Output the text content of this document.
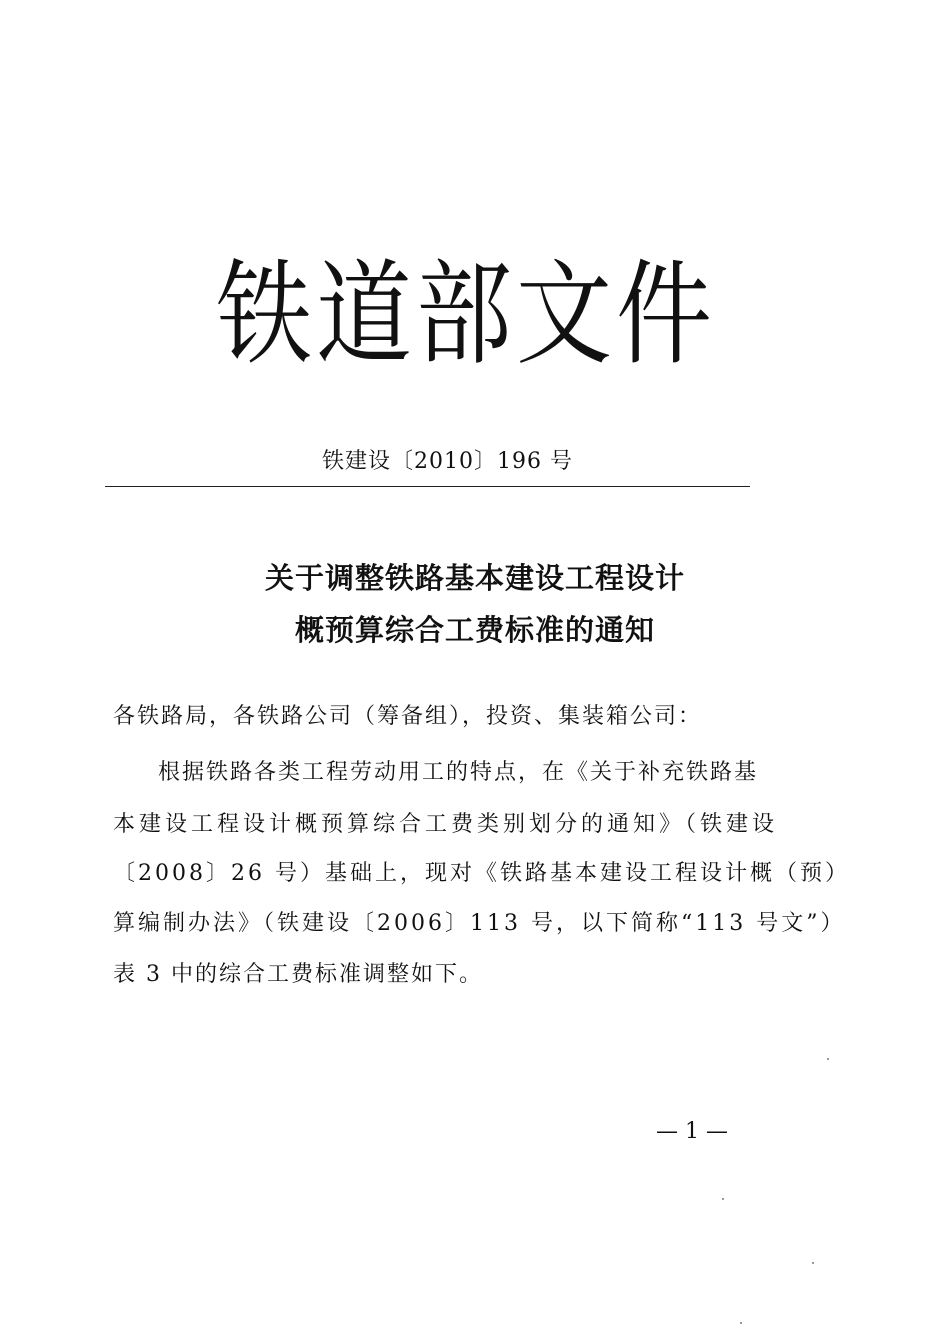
铁道部文件
铁建设〔2010〕196 号
关于调整铁路基本建设工程设计
概预算综合工费标准的通知
各铁路局，各铁路公司（筹备组），投资、集装箱公司：
根据铁路各类工程劳动用工的特点，在《关于补充铁路基
本建设工程设计概预算综合工费类别划分的通知》（铁建设
〔2008〕26 号）基础上，现对《铁路基本建设工程设计概（预）
算编制办法》（铁建设〔2006〕113 号，以下简称“113 号文”）
表 3 中的综合工费标准调整如下。
— 1 —
